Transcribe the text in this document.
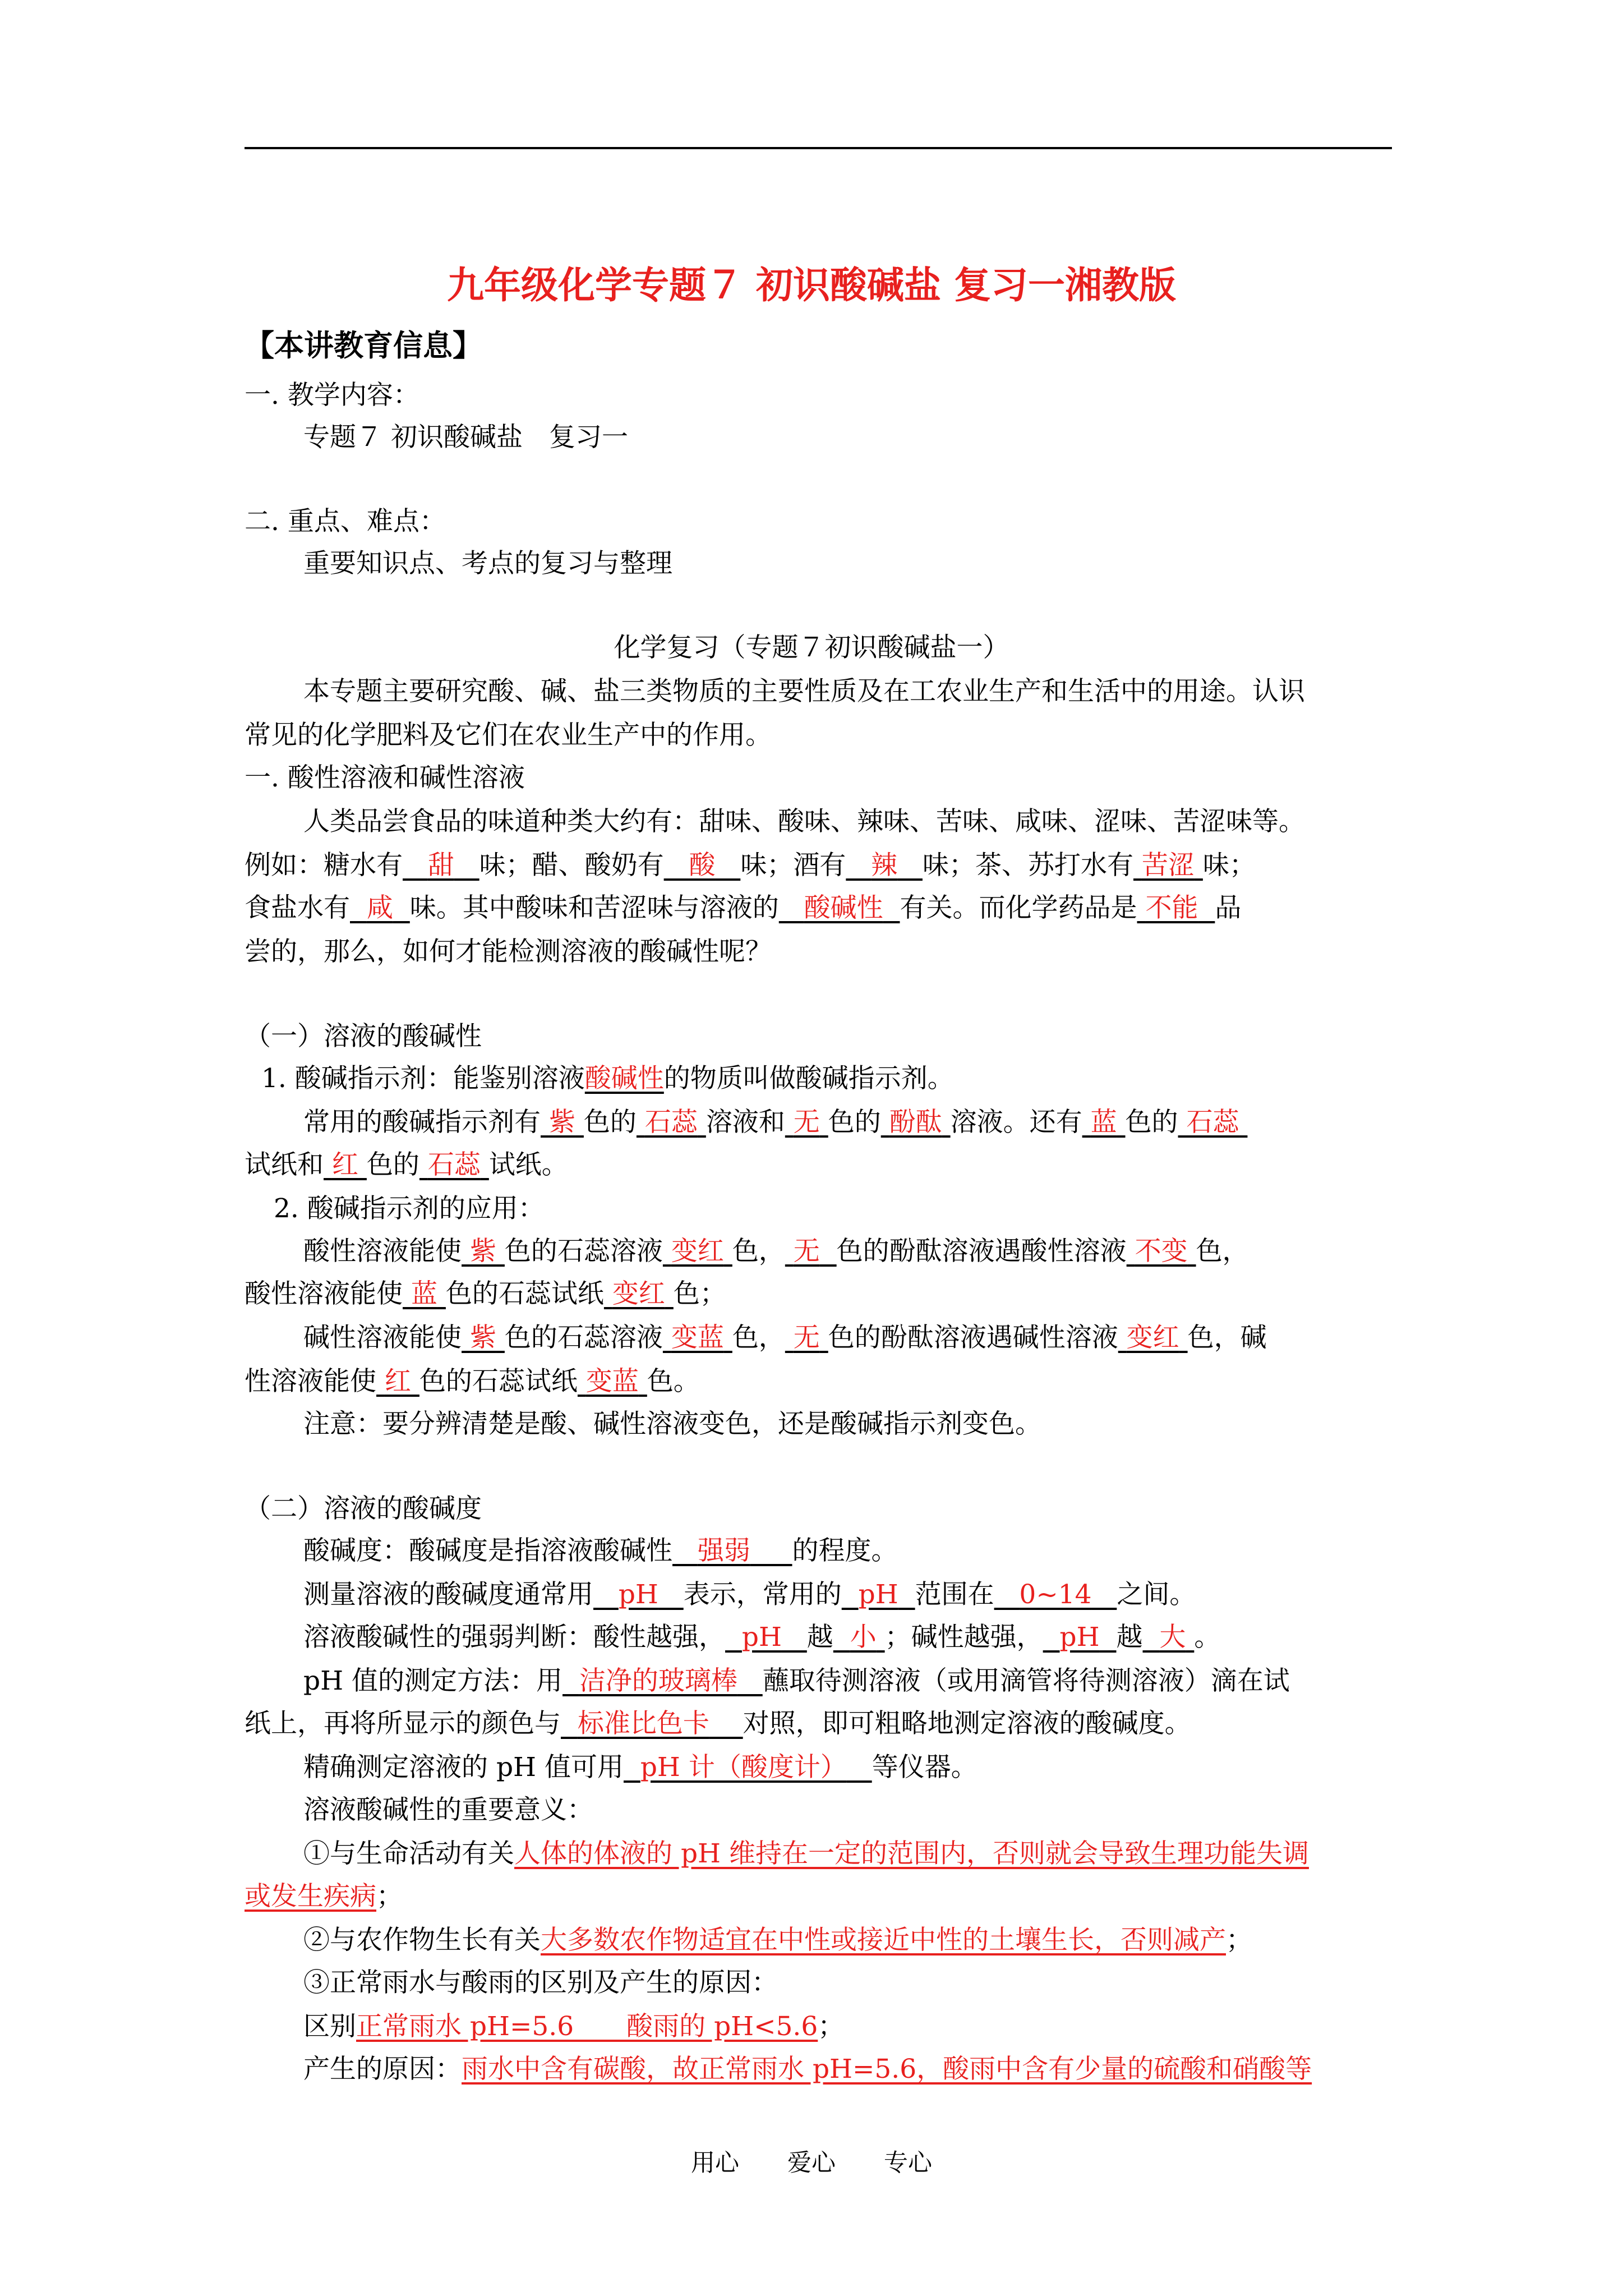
九年级化学专题７ 初识酸碱盐 复习一湘教版
【本讲教育信息】
一. 教学内容：
专题７ 初识酸碱盐　复习一
二. 重点、难点：
重要知识点、考点的复习与整理
化学复习（专题７初识酸碱盐一）
本专题主要研究酸、碱、盐三类物质的主要性质及在工农业生产和生活中的用途。认识
常见的化学肥料及它们在农业生产中的作用。
一. 酸性溶液和碱性溶液
人类品尝食品的味道种类大约有：甜味、酸味、辣味、苦味、咸味、涩味、苦涩味等。
例如：糖水有 甜 味；醋、酸奶有 酸 味；酒有 辣 味；茶、苏打水有 苦涩 味；
食盐水有 咸 味。其中酸味和苦涩味与溶液的 酸碱性 有关。而化学药品是 不能 品
尝的，那么，如何才能检测溶液的酸碱性呢？
（一）溶液的酸碱性
1. 酸碱指示剂：能鉴别溶液酸碱性的物质叫做酸碱指示剂。
常用的酸碱指示剂有 紫 色的 石蕊 溶液和 无 色的 酚酞 溶液。还有 蓝 色的 石蕊
试纸和 红 色的 石蕊 试纸。
2. 酸碱指示剂的应用：
酸性溶液能使 紫 色的石蕊溶液 变红 色， 无 色的酚酞溶液遇酸性溶液 不变 色，
酸性溶液能使 蓝 色的石蕊试纸 变红 色；
碱性溶液能使 紫 色的石蕊溶液 变蓝 色， 无 色的酚酞溶液遇碱性溶液 变红 色，碱
性溶液能使 红 色的石蕊试纸 变蓝 色。
注意：要分辨清楚是酸、碱性溶液变色，还是酸碱指示剂变色。
（二）溶液的酸碱度
酸碱度：酸碱度是指溶液酸碱性 强弱 的程度。
测量溶液的酸碱度通常用 pH 表示，常用的 pH 范围在 0~14 之间。
溶液酸碱性的强弱判断：酸性越强， pH 越 小 ；碱性越强， pH 越 大 。
pH 值的测定方法：用 洁净的玻璃棒 蘸取待测溶液（或用滴管将待测溶液）滴在试
纸上，再将所显示的颜色与 标准比色卡 对照，即可粗略地测定溶液的酸碱度。
精确测定溶液的 pH 值可用 pH 计（酸度计） 等仪器。
溶液酸碱性的重要意义：
①与生命活动有关人体的体液的 pH 维持在一定的范围内，否则就会导致生理功能失调
或发生疾病；
②与农作物生长有关大多数农作物适宜在中性或接近中性的土壤生长，否则减产；
③正常雨水与酸雨的区别及产生的原因：
区别正常雨水 pH=5.6　　酸雨的 pH<5.6；
产生的原因：雨水中含有碳酸，故正常雨水 pH=5.6，酸雨中含有少量的硫酸和硝酸等
用心　　爱心　　专心
